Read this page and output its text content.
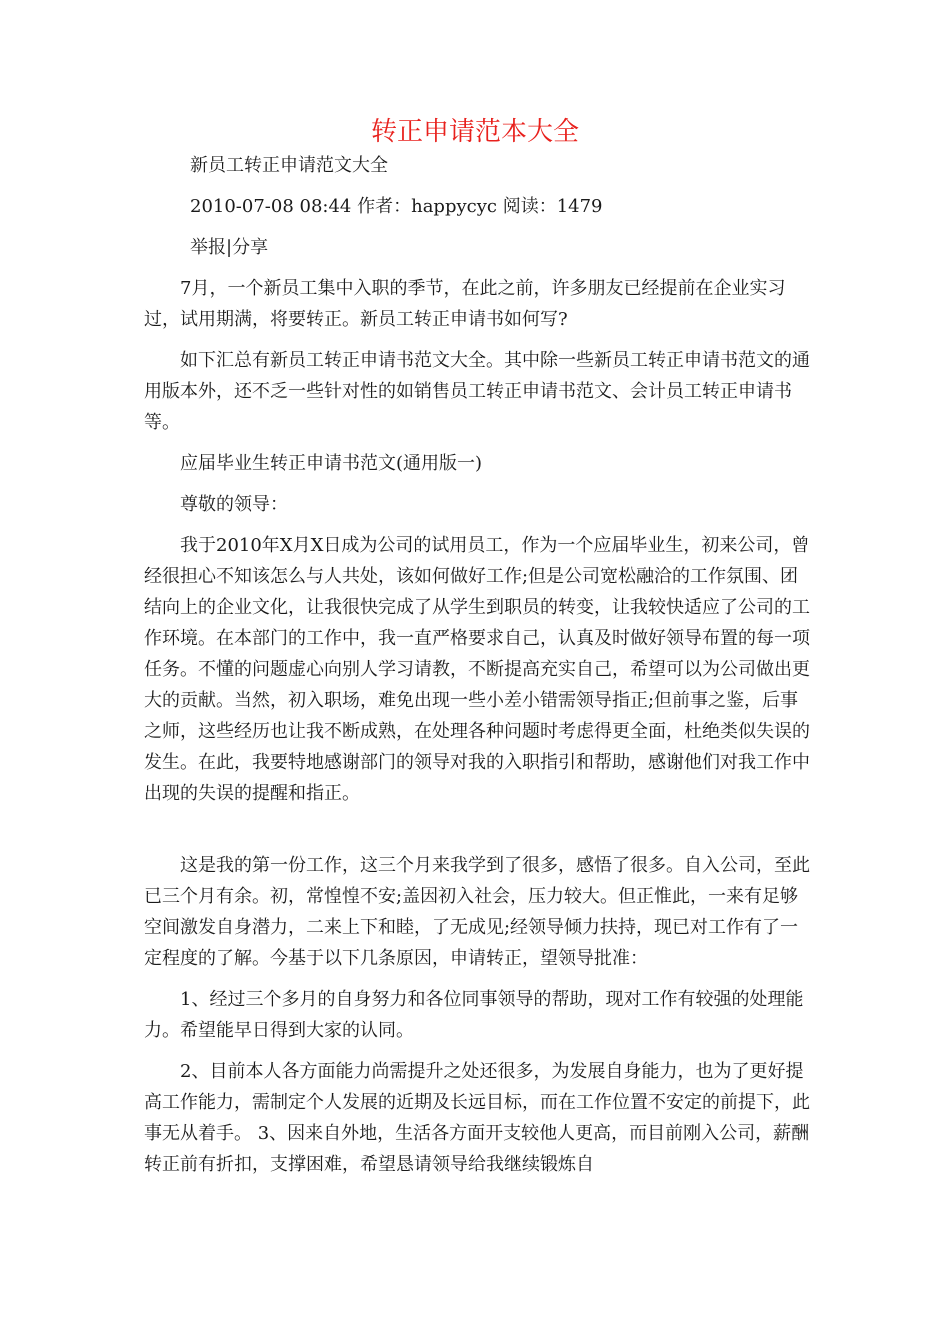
转正申请范本大全

新员工转正申请范文大全

2010-07-08 08:44 作者：happycyc 阅读：1479

举报|分享

7月，一个新员工集中入职的季节，在此之前，许多朋友已经提前在企业实习过，试用期满，将要转正。新员工转正申请书如何写?

如下汇总有新员工转正申请书范文大全。其中除一些新员工转正申请书范文的通用版本外，还不乏一些针对性的如销售员工转正申请书范文、会计员工转正申请书等。

应届毕业生转正申请书范文(通用版一)

尊敬的领导：

我于2010年X月X日成为公司的试用员工，作为一个应届毕业生，初来公司，曾经很担心不知该怎么与人共处，该如何做好工作;但是公司宽松融洽的工作氛围、团结向上的企业文化，让我很快完成了从学生到职员的转变，让我较快适应了公司的工作环境。在本部门的工作中，我一直严格要求自己，认真及时做好领导布置的每一项任务。不懂的问题虚心向别人学习请教，不断提高充实自己，希望可以为公司做出更大的贡献。当然，初入职场，难免出现一些小差小错需领导指正;但前事之鉴，后事之师，这些经历也让我不断成熟，在处理各种问题时考虑得更全面，杜绝类似失误的发生。在此，我要特地感谢部门的领导对我的入职指引和帮助，感谢他们对我工作中出现的失误的提醒和指正。

这是我的第一份工作，这三个月来我学到了很多，感悟了很多。自入公司，至此已三个月有余。初，常惶惶不安;盖因初入社会，压力较大。但正惟此，一来有足够空间激发自身潜力，二来上下和睦，了无成见;经领导倾力扶持，现已对工作有了一定程度的了解。今基于以下几条原因，申请转正，望领导批准：

1、经过三个多月的自身努力和各位同事领导的帮助，现对工作有较强的处理能力。希望能早日得到大家的认同。

2、目前本人各方面能力尚需提升之处还很多，为发展自身能力，也为了更好提高工作能力，需制定个人发展的近期及长远目标，而在工作位置不安定的前提下，此事无从着手。 3、因来自外地，生活各方面开支较他人更高，而目前刚入公司，薪酬转正前有折扣，支撑困难，希望恳请领导给我继续锻炼自
